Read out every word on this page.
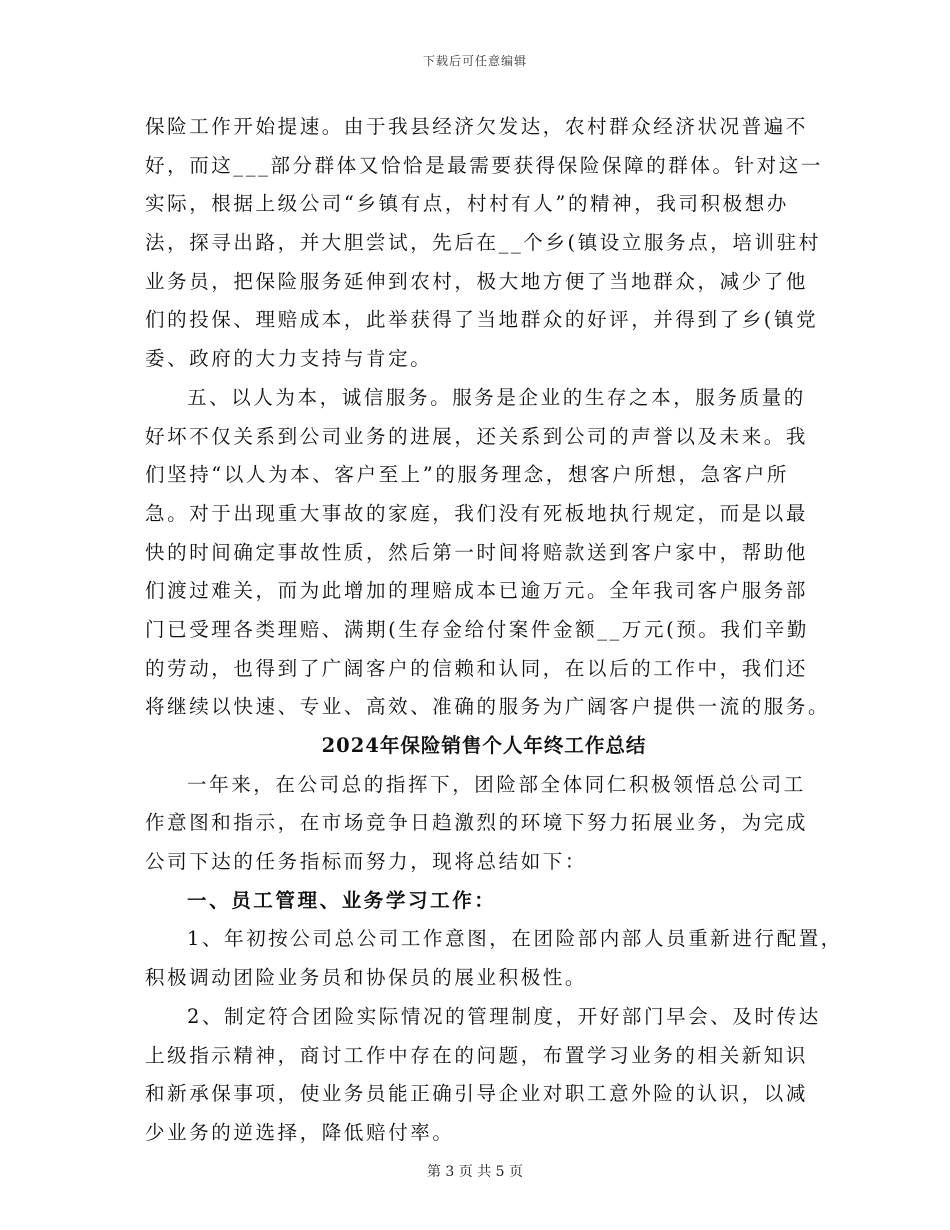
下载后可任意编辑
保险工作开始提速。由于我县经济欠发达，农村群众经济状况普遍不
好，而这___部分群体又恰恰是最需要获得保险保障的群体。针对这一
实际，根据上级公司“乡镇有点，村村有人”的精神，我司积极想办
法，探寻出路，并大胆尝试，先后在__个乡(镇设立服务点，培训驻村
业务员，把保险服务延伸到农村，极大地方便了当地群众，减少了他
们的投保、理赔成本，此举获得了当地群众的好评，并得到了乡(镇党
委、政府的大力支持与肯定。
五、以人为本，诚信服务。服务是企业的生存之本，服务质量的
好坏不仅关系到公司业务的进展，还关系到公司的声誉以及未来。我
们坚持“以人为本、客户至上”的服务理念，想客户所想，急客户所
急。对于出现重大事故的家庭，我们没有死板地执行规定，而是以最
快的时间确定事故性质，然后第一时间将赔款送到客户家中，帮助他
们渡过难关，而为此增加的理赔成本已逾万元。全年我司客户服务部
门已受理各类理赔、满期(生存金给付案件金额__万元(预。我们辛勤
的劳动，也得到了广阔客户的信赖和认同，在以后的工作中，我们还
将继续以快速、专业、高效、准确的服务为广阔客户提供一流的服务。
2024年保险销售个人年终工作总结
一年来，在公司总的指挥下，团险部全体同仁积极领悟总公司工
作意图和指示，在市场竞争日趋激烈的环境下努力拓展业务，为完成
公司下达的任务指标而努力，现将总结如下：
一、员工管理、业务学习工作：
1、年初按公司总公司工作意图，在团险部内部人员重新进行配置，
积极调动团险业务员和协保员的展业积极性。
2、制定符合团险实际情况的管理制度，开好部门早会、及时传达
上级指示精神，商讨工作中存在的问题，布置学习业务的相关新知识
和新承保事项，使业务员能正确引导企业对职工意外险的认识，以减
少业务的逆选择，降低赔付率。
第 3 页 共 5 页
